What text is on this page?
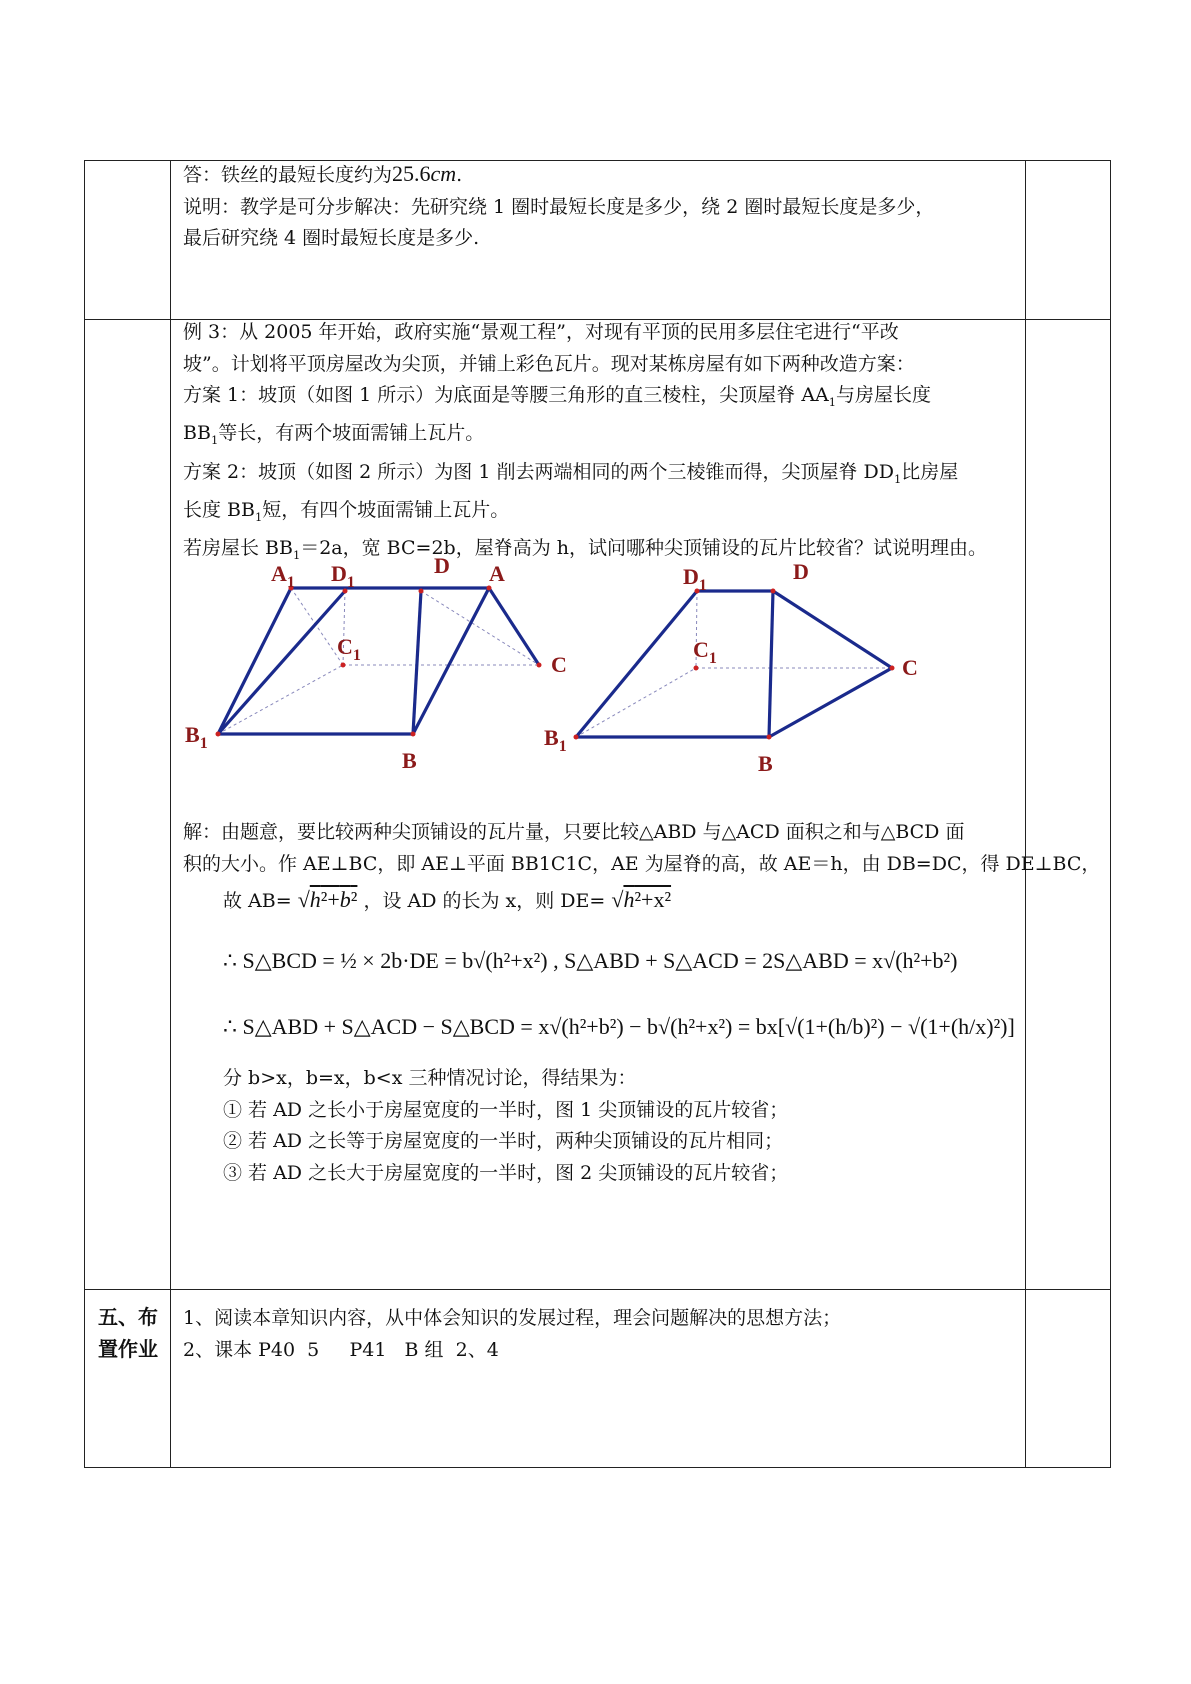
答：铁丝的最短长度约为25.6cm.

说明：教学是可分步解决：先研究绕 1 圈时最短长度是多少，绕 2 圈时最短长度是多少，

最后研究绕 4 圈时最短长度是多少.

例 3：从 2005 年开始，政府实施“景观工程”，对现有平顶的民用多层住宅进行“平改

坡”。计划将平顶房屋改为尖顶，并铺上彩色瓦片。现对某栋房屋有如下两种改造方案：

方案 1：坡顶（如图 1 所示）为底面是等腰三角形的直三棱柱，尖顶屋脊 $AA_1$与房屋长度

$BB_1$等长，有两个坡面需铺上瓦片。

方案 2：坡顶（如图 2 所示）为图 1 削去两端相同的两个三棱锥而得，尖顶屋脊 $DD_1$比房屋

长度 $BB_1$短，有四个坡面需铺上瓦片。

若房屋长 $BB_1=2a$，宽 BC=2b，屋脊高为 h，试问哪种尖顶铺设的瓦片比较省？试说明理由。

$A_1$ $D_1$
D A
$C_1$	C
$B_1$
B
$D_1$
D
$C_1$	C
$B_1$
B

解：由题意，要比较两种尖顶铺设的瓦片量，只要比较△ABD 与△ACD 面积之和与△BCD 面

积的大小。作 AE⊥BC，即 AE⊥平面 BB1C1C，AE 为屋脊的高，故 AE＝h，由 DB=DC，得 DE⊥BC，

故 AB= √h²+b² ，设 AD 的长为 x，则 DE= √h²+x²

∴ S△BCD = ½ × 2b·DE = b√(h²+x²) , S△ABD + S△ACD = 2S△ABD = x√(h²+b²)

∴ S△ABD + S△ACD − S△BCD = x√(h²+b²) − b√(h²+x²) = bx[√(1+(h/b)²) − √(1+(h/x)²)]

分 b>x，b=x，b<x 三种情况讨论，得结果为：

① 若 AD 之长小于房屋宽度的一半时，图 1 尖顶铺设的瓦片较省；

② 若 AD 之长等于房屋宽度的一半时，两种尖顶铺设的瓦片相同；

③ 若 AD 之长大于房屋宽度的一半时，图 2 尖顶铺设的瓦片较省；

五、布
置作业

1、阅读本章知识内容，从中体会知识的发展过程，理会问题解决的思想方法；

2、课本 P40  5     P41   B 组  2、4
